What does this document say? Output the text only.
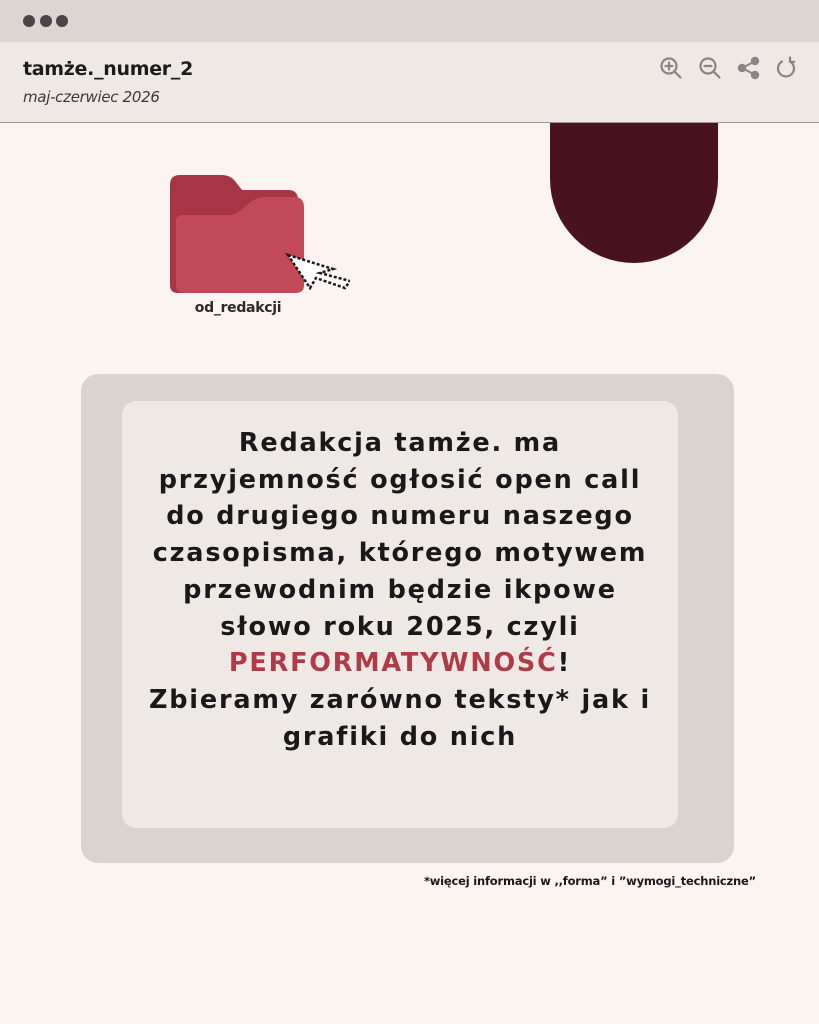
tamże._numer_2
maj-czerwiec 2026
od_redakcji
Redakcja tamże. ma
przyjemność ogłosić open call
do drugiego numeru naszego
czasopisma, którego motywem
przewodnim będzie ikpowe
słowo roku 2025, czyli
PERFORMATYWNOŚĆ!
Zbieramy zarówno teksty* jak i
grafiki do nich
*więcej informacji w ,,forma” i ”wymogi_techniczne”
